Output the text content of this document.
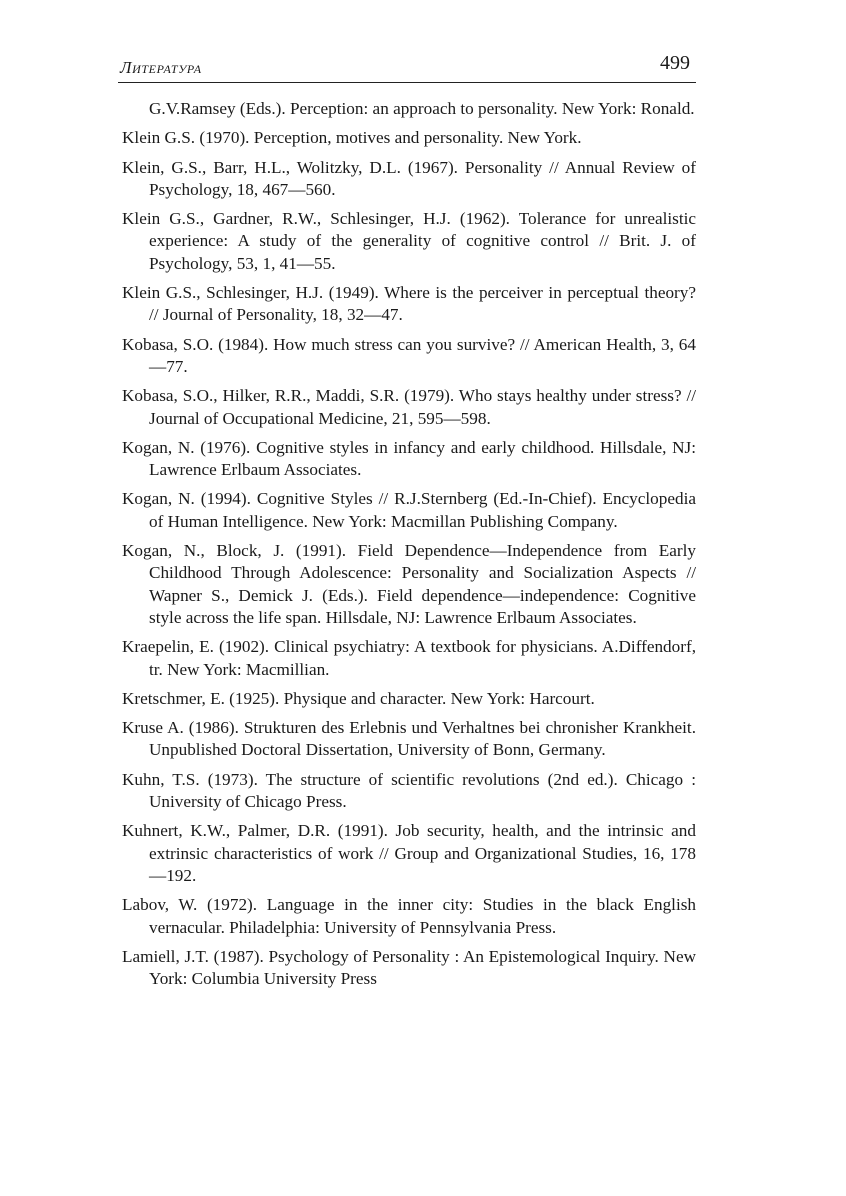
Литература	499
G.V.Ramsey (Eds.). Perception: an approach to personality. New York: Ronald.
Klein G.S. (1970). Perception, motives and personality. New York.
Klein, G.S., Barr, H.L., Wolitzky, D.L. (1967). Personality // Annual Review of Psychology, 18, 467—560.
Klein G.S., Gardner, R.W., Schlesinger, H.J. (1962). Tolerance for unrealistic experience: A study of the generality of cognitive control // Brit. J. of Psychology, 53, 1, 41—55.
Klein G.S., Schlesinger, H.J. (1949). Where is the perceiver in perceptual theory? // Journal of Personality, 18, 32—47.
Kobasa, S.O. (1984). How much stress can you survive? // American Health, 3, 64—77.
Kobasa, S.O., Hilker, R.R., Maddi, S.R. (1979). Who stays healthy under stress? // Journal of Occupational Medicine, 21, 595—598.
Kogan, N. (1976). Cognitive styles in infancy and early childhood. Hillsdale, NJ: Lawrence Erlbaum Associates.
Kogan, N. (1994). Cognitive Styles // R.J.Sternberg (Ed.-In-Chief). Encyclopedia of Human Intelligence. New York: Macmillan Publishing Company.
Kogan, N., Block, J. (1991). Field Dependence—Independence from Early Childhood Through Adolescence: Personality and Socialization Aspects // Wapner S., Demick J. (Eds.). Field dependence—independence: Cognitive style across the life span. Hillsdale, NJ: Lawrence Erlbaum Associates.
Kraepelin, E. (1902). Clinical psychiatry: A textbook for physicians. A.Diffendorf, tr. New York: Macmillian.
Kretschmer, E. (1925). Physique and character. New York: Harcourt.
Kruse A. (1986). Strukturen des Erlebnis und Verhaltnes bei chronisher Krankheit. Unpublished Doctoral Dissertation, University of Bonn, Germany.
Kuhn, T.S. (1973). The structure of scientific revolutions (2nd ed.). Chicago : University of Chicago Press.
Kuhnert, K.W., Palmer, D.R. (1991). Job security, health, and the intrinsic and extrinsic characteristics of work // Group and Organizational Studies, 16, 178—192.
Labov, W. (1972). Language in the inner city: Studies in the black English vernacular. Philadelphia: University of Pennsylvania Press.
Lamiell, J.T. (1987). Psychology of Personality : An Epistemological Inquiry. New York: Columbia University Press
